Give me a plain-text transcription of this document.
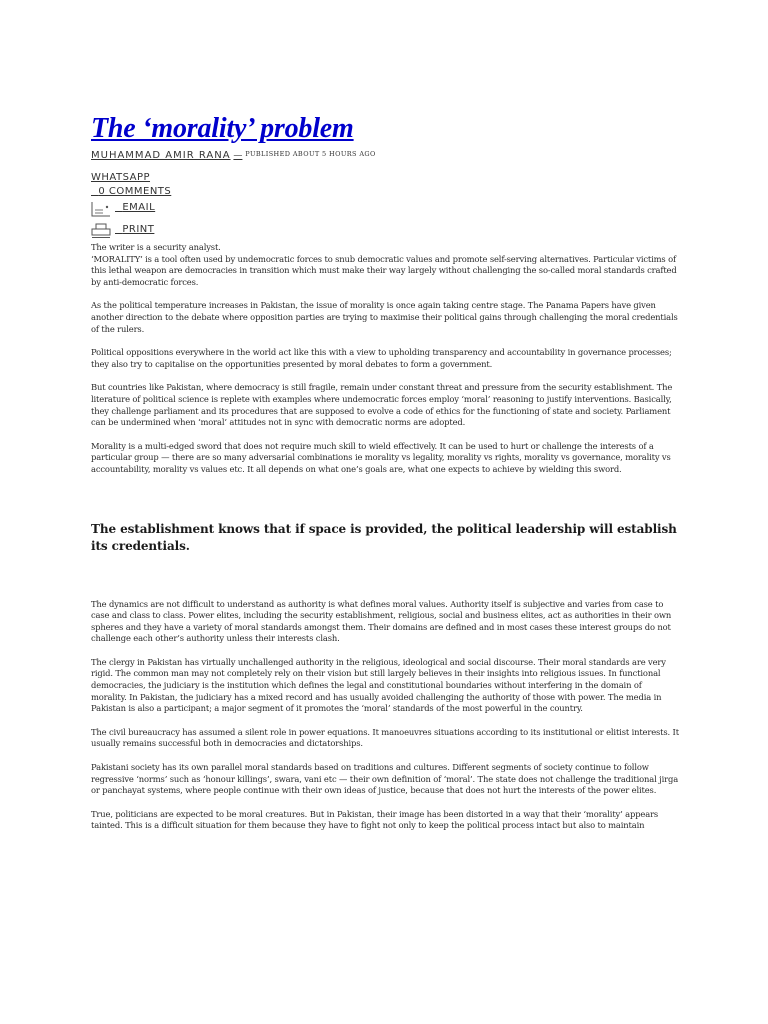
The ‘morality’ problem
MUHAMMAD AMIR RANA — $^{PUBLISHED ABOUT 5 HOURS AGO}$
WHATSAPP
0 COMMENTS
EMAIL
PRINT

The writer is a security analyst.

‘MORALITY’ is a tool often used by undemocratic forces to snub democratic values and promote self-serving alternatives. Particular victims of this lethal weapon are democracies in transition which must make their way largely without challenging the so-called moral standards crafted by anti-democratic forces.

As the political temperature increases in Pakistan, the issue of morality is once again taking centre stage. The Panama Papers have given another direction to the debate where opposition parties are trying to maximise their political gains through challenging the moral credentials of the rulers.

Political oppositions everywhere in the world act like this with a view to upholding transparency and accountability in governance processes; they also try to capitalise on the opportunities presented by moral debates to form a government.

But countries like Pakistan, where democracy is still fragile, remain under constant threat and pressure from the security establishment. The literature of political science is replete with examples where undemocratic forces employ ‘moral’ reasoning to justify interventions. Basically, they challenge parliament and its procedures that are supposed to evolve a code of ethics for the functioning of state and society. Parliament can be undermined when ‘moral’ attitudes not in sync with democratic norms are adopted.

Morality is a multi-edged sword that does not require much skill to wield effectively. It can be used to hurt or challenge the interests of a particular group — there are so many adversarial combinations ie morality vs legality, morality vs rights, morality vs governance, morality vs accountability, morality vs values etc. It all depends on what one’s goals are, what one expects to achieve by wielding this sword.

The establishment knows that if space is provided, the political leadership will establish its credentials.

The dynamics are not difficult to understand as authority is what defines moral values. Authority itself is subjective and varies from case to case and class to class. Power elites, including the security establishment, religious, social and business elites, act as authorities in their own spheres and they have a variety of moral standards amongst them. Their domains are defined and in most cases these interest groups do not challenge each other’s authority unless their interests clash.

The clergy in Pakistan has virtually unchallenged authority in the religious, ideological and social discourse. Their moral standards are very rigid. The common man may not completely rely on their vision but still largely believes in their insights into religious issues. In functional democracies, the judiciary is the institution which defines the legal and constitutional boundaries without interfering in the domain of morality. In Pakistan, the judiciary has a mixed record and has usually avoided challenging the authority of those with power. The media in Pakistan is also a participant; a major segment of it promotes the ‘moral’ standards of the most powerful in the country.

The civil bureaucracy has assumed a silent role in power equations. It manoeuvres situations according to its institutional or elitist interests. It usually remains successful both in democracies and dictatorships.

Pakistani society has its own parallel moral standards based on traditions and cultures. Different segments of society continue to follow regressive ‘norms’ such as ‘honour killings’, swara, vani etc — their own definition of ‘moral’. The state does not challenge the traditional jirga or panchayat systems, where people continue with their own ideas of justice, because that does not hurt the interests of the power elites.

True, politicians are expected to be moral creatures. But in Pakistan, their image has been distorted in a way that their ‘morality’ appears tainted. This is a difficult situation for them because they have to fight not only to keep the political process intact but also to maintain
